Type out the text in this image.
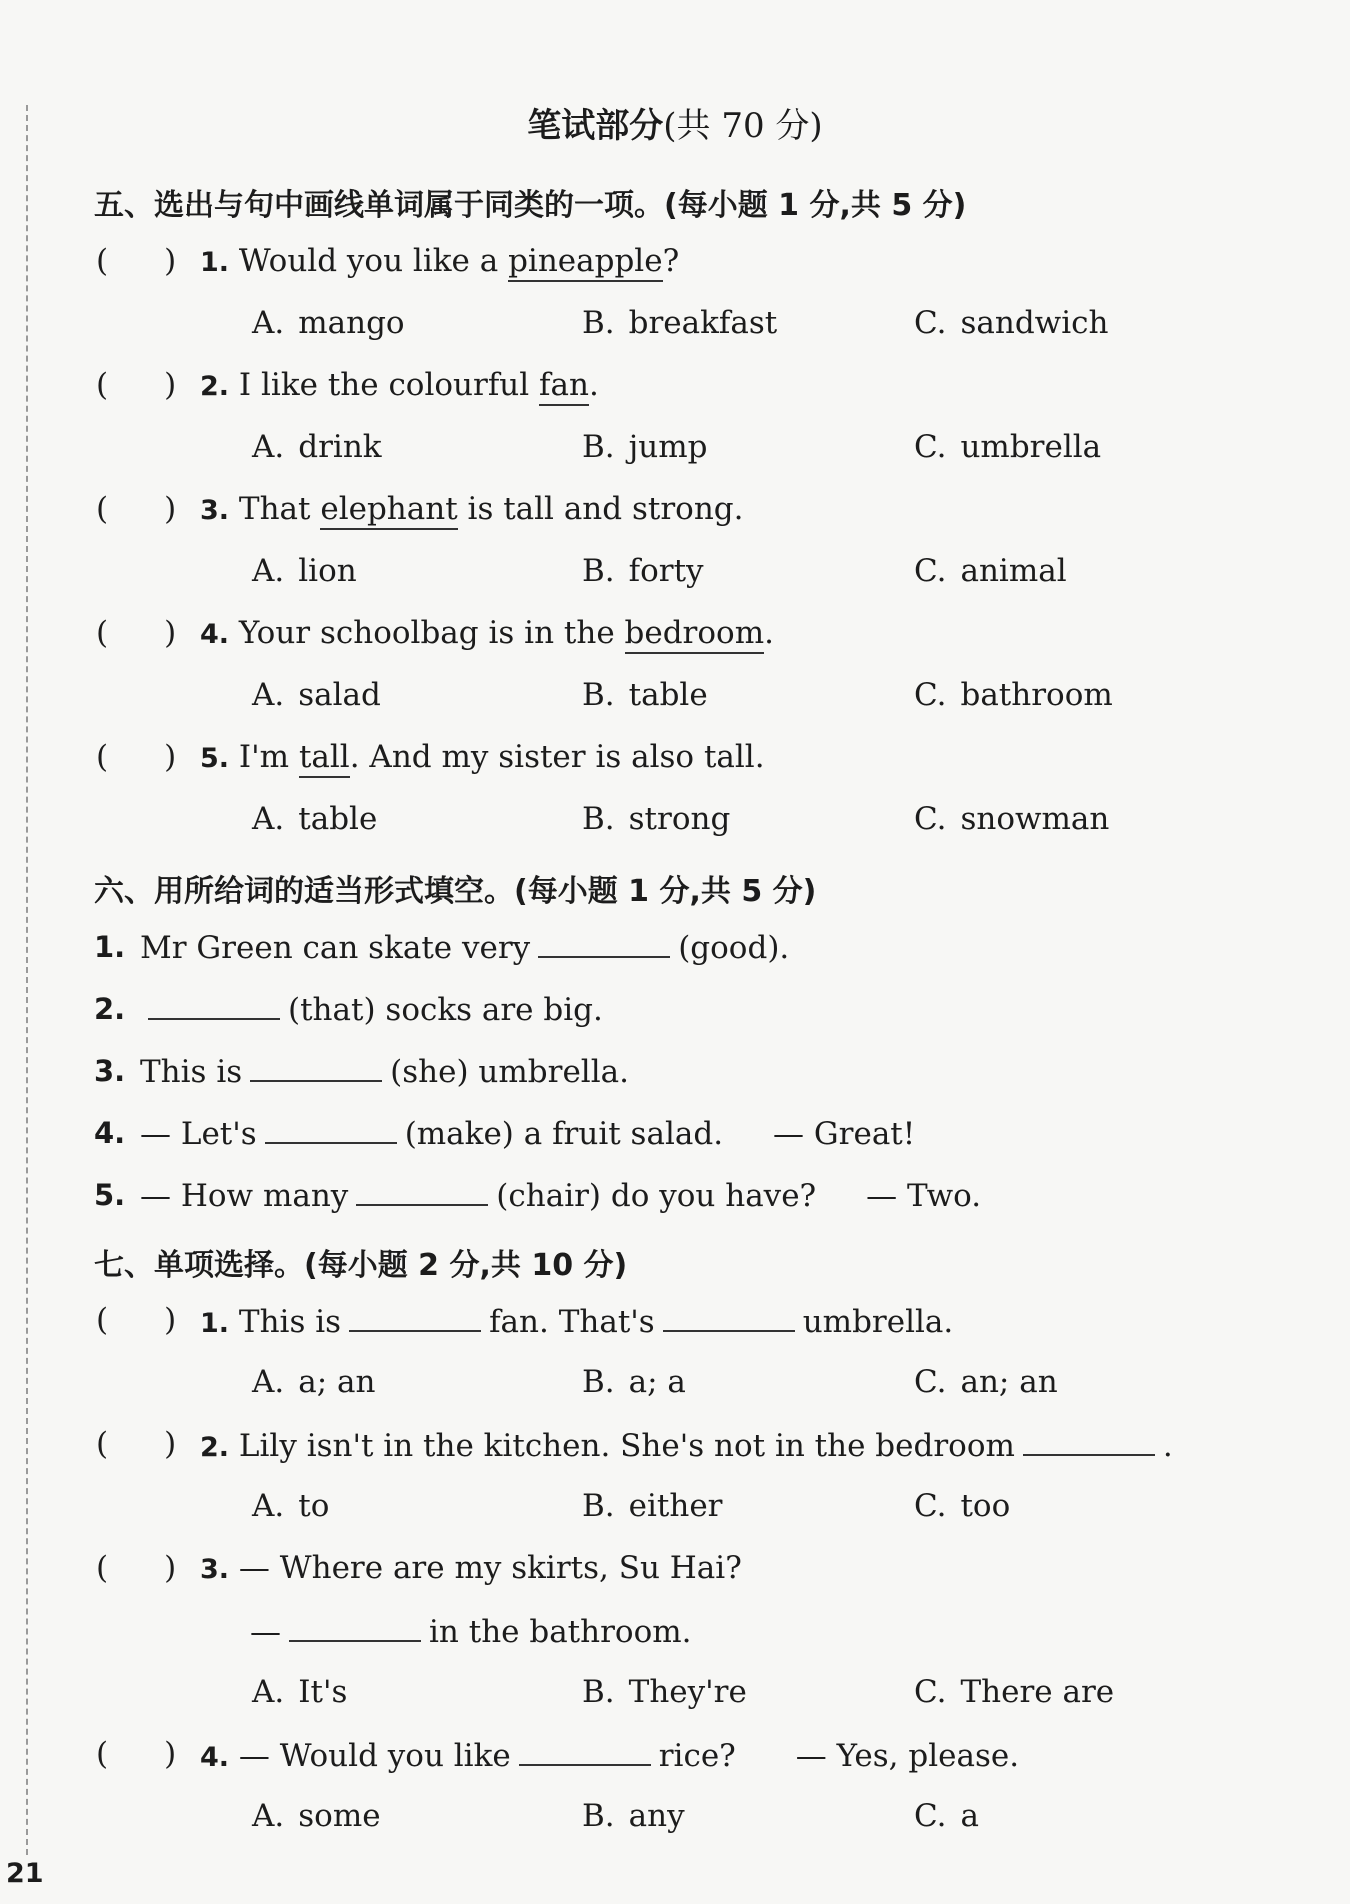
笔试部分(共 70 分)
五、选出与句中画线单词属于同类的一项。(每小题 1 分,共 5 分)
( ) 1. Would you like a pineapple?
A. mango	B. breakfast	C. sandwich
( ) 2. I like the colourful fan.
A. drink	B. jump	C. umbrella
( ) 3. That elephant is tall and strong.
A. lion	B. forty	C. animal
( ) 4. Your schoolbag is in the bedroom.
A. salad	B. table	C. bathroom
( ) 5. I'm tall. And my sister is also tall.
A. table	B. strong	C. snowman
六、用所给词的适当形式填空。(每小题 1 分,共 5 分)
1. Mr Green can skate very	(good).
2.	(that) socks are big.
3. This is	(she) umbrella.
4. — Let's	(make) a fruit salad. — Great!
5. — How many	(chair) do you have? — Two.
七、单项选择。(每小题 2 分,共 10 分)
( ) 1. This is	fan. That's	umbrella.
A. a; an	B. a; a	C. an; an
( ) 2. Lily isn't in the kitchen. She's not in the bedroom	.
A. to	B. either	C. too
( ) 3. — Where are my skirts, Su Hai?
—	in the bathroom.
A. It's	B. They're	C. There are
( ) 4. — Would you like	rice? — Yes, please.
A. some	B. any	C. a
21
